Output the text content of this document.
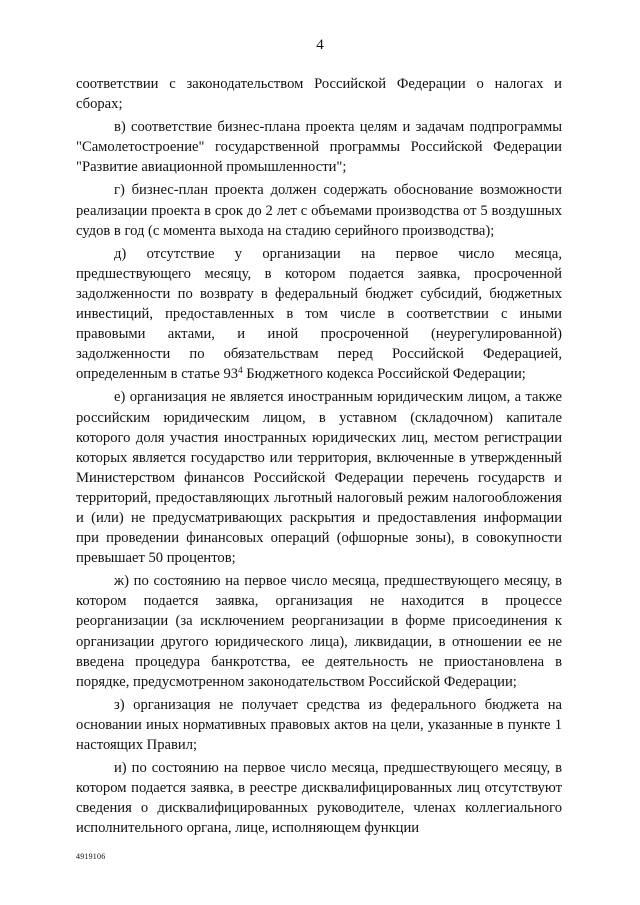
4

соответствии с законодательством Российской Федерации о налогах и сборах;

в) соответствие бизнес-плана проекта целям и задачам подпрограммы "Самолетостроение" государственной программы Российской Федерации "Развитие авиационной промышленности";

г) бизнес-план проекта должен содержать обоснование возможности реализации проекта в срок до 2 лет с объемами производства от 5 воздушных судов в год (с момента выхода на стадию серийного производства);

д) отсутствие у организации на первое число месяца, предшествующего месяцу, в котором подается заявка, просроченной задолженности по возврату в федеральный бюджет субсидий, бюджетных инвестиций, предоставленных в том числе в соответствии с иными правовыми актами, и иной просроченной (неурегулированной) задолженности по обязательствам перед Российской Федерацией, определенным в статье $93^4$ Бюджетного кодекса Российской Федерации;

е) организация не является иностранным юридическим лицом, а также российским юридическим лицом, в уставном (складочном) капитале которого доля участия иностранных юридических лиц, местом регистрации которых является государство или территория, включенные в утвержденный Министерством финансов Российской Федерации перечень государств и территорий, предоставляющих льготный налоговый режим налогообложения и (или) не предусматривающих раскрытия и предоставления информации при проведении финансовых операций (офшорные зоны), в совокупности превышает 50 процентов;

ж) по состоянию на первое число месяца, предшествующего месяцу, в котором подается заявка, организация не находится в процессе реорганизации (за исключением реорганизации в форме присоединения к организации другого юридического лица), ликвидации, в отношении ее не введена процедура банкротства, ее деятельность не приостановлена в порядке, предусмотренном законодательством Российской Федерации;

з) организация не получает средства из федерального бюджета на основании иных нормативных правовых актов на цели, указанные в пункте 1 настоящих Правил;

и) по состоянию на первое число месяца, предшествующего месяцу, в котором подается заявка, в реестре дисквалифицированных лиц отсутствуют сведения о дисквалифицированных руководителе, членах коллегиального исполнительного органа, лице, исполняющем функции

4919106
